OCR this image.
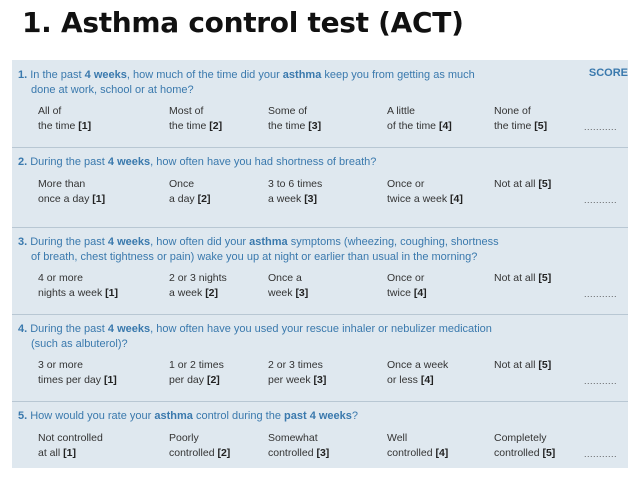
1. Asthma control test (ACT)
SCORE
1. In the past 4 weeks, how much of the time did your asthma keep you from getting as much
done at work, school or at home?
All of
the time [1]
Most of
the time [2]
Some of
the time [3]
A little
of the time [4]
None of
the time [5]	...........
2. During the past 4 weeks, how often have you had shortness of breath?
More than
once a day [1]
Once
a day [2]
3 to 6 times
a week [3]
Once or
twice a week [4]
Not at all [5]
...........
3. During the past 4 weeks, how often did your asthma symptoms (wheezing, coughing, shortness
of breath, chest tightness or pain) wake you up at night or earlier than usual in the morning?
4 or more
nights a week [1]
2 or 3 nights
a week [2]
Once a
week [3]
Once or
twice [4]
Not at all [5]
...........
4. During the past 4 weeks, how often have you used your rescue inhaler or nebulizer medication
(such as albuterol)?
3 or more
times per day [1]
1 or 2 times
per day [2]
2 or 3 times
per week [3]
Once a week
or less [4]
Not at all [5]
...........
5. How would you rate your asthma control during the past 4 weeks?
Not controlled
at all [1]
Poorly
controlled [2]
Somewhat
controlled [3]
Well
controlled [4]
Completely
controlled [5]	...........
